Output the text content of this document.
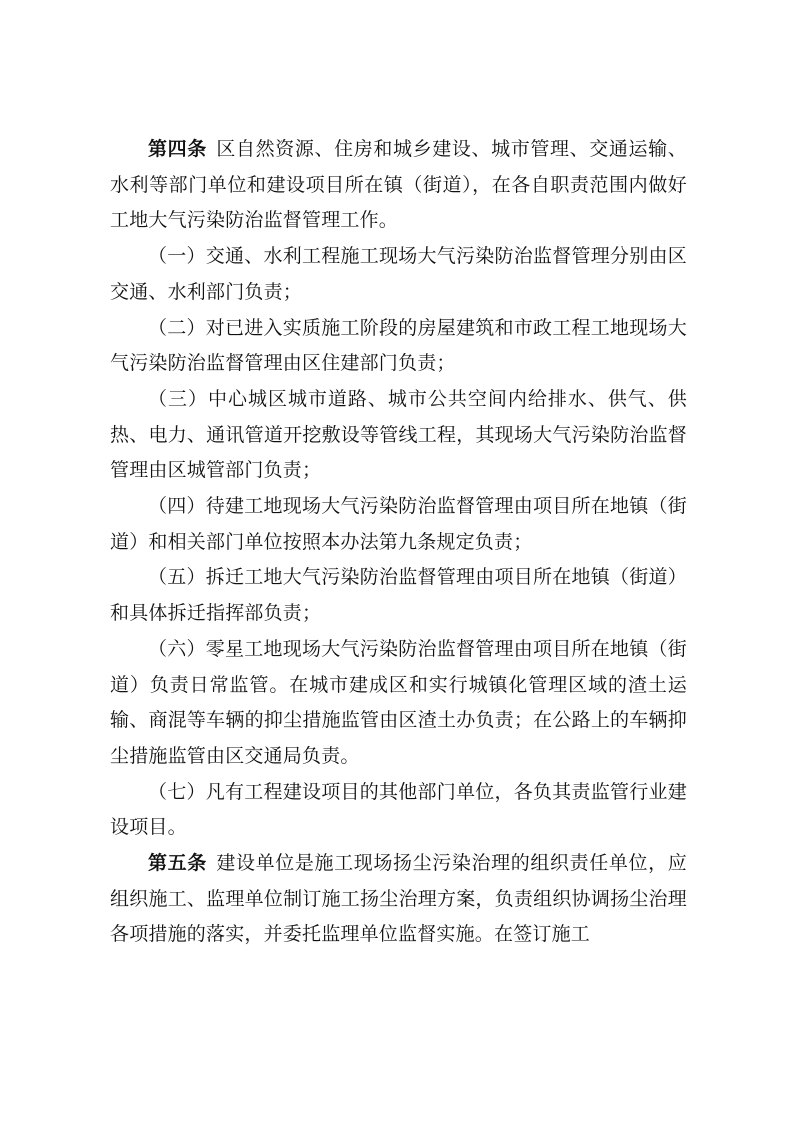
第四条 区自然资源、住房和城乡建设、城市管理、交通运输、水利等部门单位和建设项目所在镇（街道），在各自职责范围内做好工地大气污染防治监督管理工作。

（一）交通、水利工程施工现场大气污染防治监督管理分别由区交通、水利部门负责；

（二）对已进入实质施工阶段的房屋建筑和市政工程工地现场大气污染防治监督管理由区住建部门负责；

（三）中心城区城市道路、城市公共空间内给排水、供气、供热、电力、通讯管道开挖敷设等管线工程，其现场大气污染防治监督管理由区城管部门负责；

（四）待建工地现场大气污染防治监督管理由项目所在地镇（街道）和相关部门单位按照本办法第九条规定负责；

（五）拆迁工地大气污染防治监督管理由项目所在地镇（街道）和具体拆迁指挥部负责；

（六）零星工地现场大气污染防治监督管理由项目所在地镇（街道）负责日常监管。在城市建成区和实行城镇化管理区域的渣土运输、商混等车辆的抑尘措施监管由区渣土办负责；在公路上的车辆抑尘措施监管由区交通局负责。

（七）凡有工程建设项目的其他部门单位，各负其责监管行业建设项目。

第五条 建设单位是施工现场扬尘污染治理的组织责任单位，应组织施工、监理单位制订施工扬尘治理方案，负责组织协调扬尘治理各项措施的落实，并委托监理单位监督实施。在签订施工
